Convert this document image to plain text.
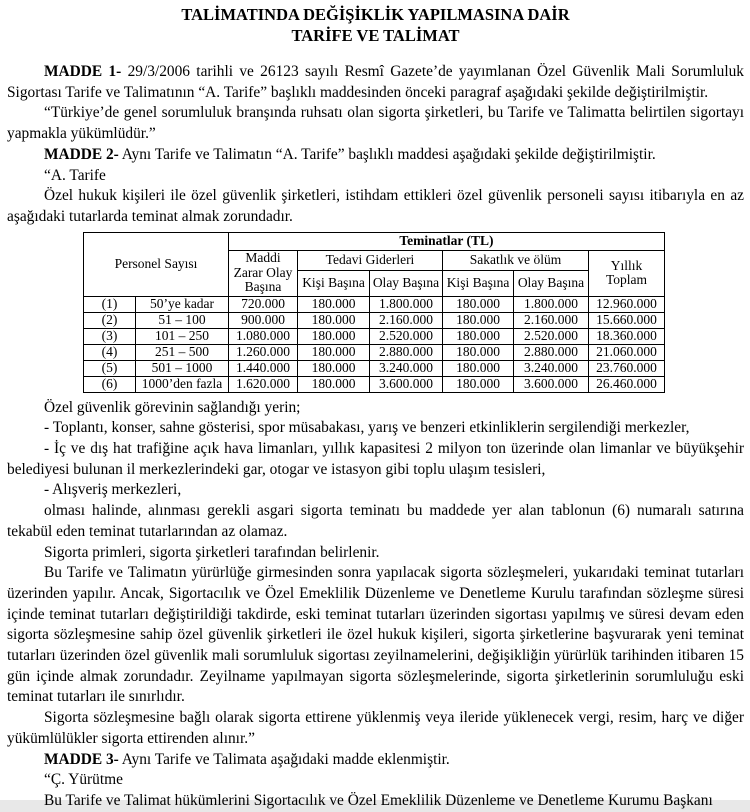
TALİMATINDA DEĞİŞİKLİK YAPILMASINA DAİR
TARİFE VE TALİMAT

MADDE 1- 29/3/2006 tarihli ve 26123 sayılı Resmî Gazete’de yayımlanan Özel Güvenlik Mali Sorumluluk Sigortası Tarife ve Talimatının “A. Tarife” başlıklı maddesinden önceki paragraf aşağıdaki şekilde değiştirilmiştir.

“Türkiye’de genel sorumluluk branşında ruhsatı olan sigorta şirketleri, bu Tarife ve Talimatta belirtilen sigortayı yapmakla yükümlüdür.”

MADDE 2- Aynı Tarife ve Talimatın “A. Tarife” başlıklı maddesi aşağıdaki şekilde değiştirilmiştir.

“A. Tarife

Özel hukuk kişileri ile özel güvenlik şirketleri, istihdam ettikleri özel güvenlik personeli sayısı itibarıyla en az aşağıdaki tutarlarda teminat almak zorundadır.

Personel Sayısı		Teminatlar (TL)					
		Maddi Zarar Olay Başına	Tedavi Giderleri		Sakatlık ve ölüm		Yıllık Toplam
			Kişi Başına	Olay Başına	Kişi Başına	Olay Başına	
(1)	50’ye kadar	720.000	180.000	1.800.000	180.000	1.800.000	12.960.000
(2)	51 – 100	900.000	180.000	2.160.000	180.000	2.160.000	15.660.000
(3)	101 – 250	1.080.000	180.000	2.520.000	180.000	2.520.000	18.360.000
(4)	251 – 500	1.260.000	180.000	2.880.000	180.000	2.880.000	21.060.000
(5)	501 – 1000	1.440.000	180.000	3.240.000	180.000	3.240.000	23.760.000
(6)	1000’den fazla	1.620.000	180.000	3.600.000	180.000	3.600.000	26.460.000

Özel güvenlik görevinin sağlandığı yerin;

- Toplantı, konser, sahne gösterisi, spor müsabakası, yarış ve benzeri etkinliklerin sergilendiği merkezler,

- İç ve dış hat trafiğine açık hava limanları, yıllık kapasitesi 2 milyon ton üzerinde olan limanlar ve büyükşehir belediyesi bulunan il merkezlerindeki gar, otogar ve istasyon gibi toplu ulaşım tesisleri,

- Alışveriş merkezleri,

olması halinde, alınması gerekli asgari sigorta teminatı bu maddede yer alan tablonun (6) numaralı satırına tekabül eden teminat tutarlarından az olamaz.

Sigorta primleri, sigorta şirketleri tarafından belirlenir.

Bu Tarife ve Talimatın yürürlüğe girmesinden sonra yapılacak sigorta sözleşmeleri, yukarıdaki teminat tutarları üzerinden yapılır. Ancak, Sigortacılık ve Özel Emeklilik Düzenleme ve Denetleme Kurulu tarafından sözleşme süresi içinde teminat tutarları değiştirildiği takdirde, eski teminat tutarları üzerinden sigortası yapılmış ve süresi devam eden sigorta sözleşmesine sahip özel güvenlik şirketleri ile özel hukuk kişileri, sigorta şirketlerine başvurarak yeni teminat tutarları üzerinden özel güvenlik mali sorumluluk sigortası zeyilnamelerini, değişikliğin yürürlük tarihinden itibaren 15 gün içinde almak zorundadır. Zeyilname yapılmayan sigorta sözleşmelerinde, sigorta şirketlerinin sorumluluğu eski teminat tutarları ile sınırlıdır.

Sigorta sözleşmesine bağlı olarak sigorta ettirene yüklenmiş veya ileride yüklenecek vergi, resim, harç ve diğer yükümlülükler sigorta ettirenden alınır.”

MADDE 3- Aynı Tarife ve Talimata aşağıdaki madde eklenmiştir.

“Ç. Yürütme

Bu Tarife ve Talimat hükümlerini Sigortacılık ve Özel Emeklilik Düzenleme ve Denetleme Kurumu Başkanı
